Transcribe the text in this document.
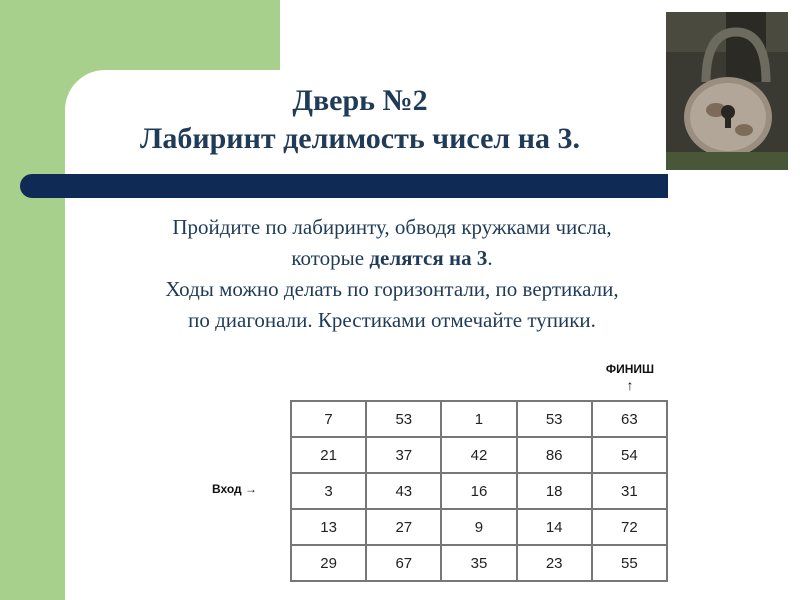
Дверь №2
Лабиринт делимость чисел на 3.
Пройдите по лабиринту, обводя кружками числа,
которые делятся на 3.
Ходы можно делать по горизонтали, по вертикали,
по диагонали. Крестиками отмечайте тупики.
ФИНИШ
↑
Вход →
7	53	1	53	63
21	37	42	86	54
3	43	16	18	31
13	27	9	14	72
29	67	35	23	55
